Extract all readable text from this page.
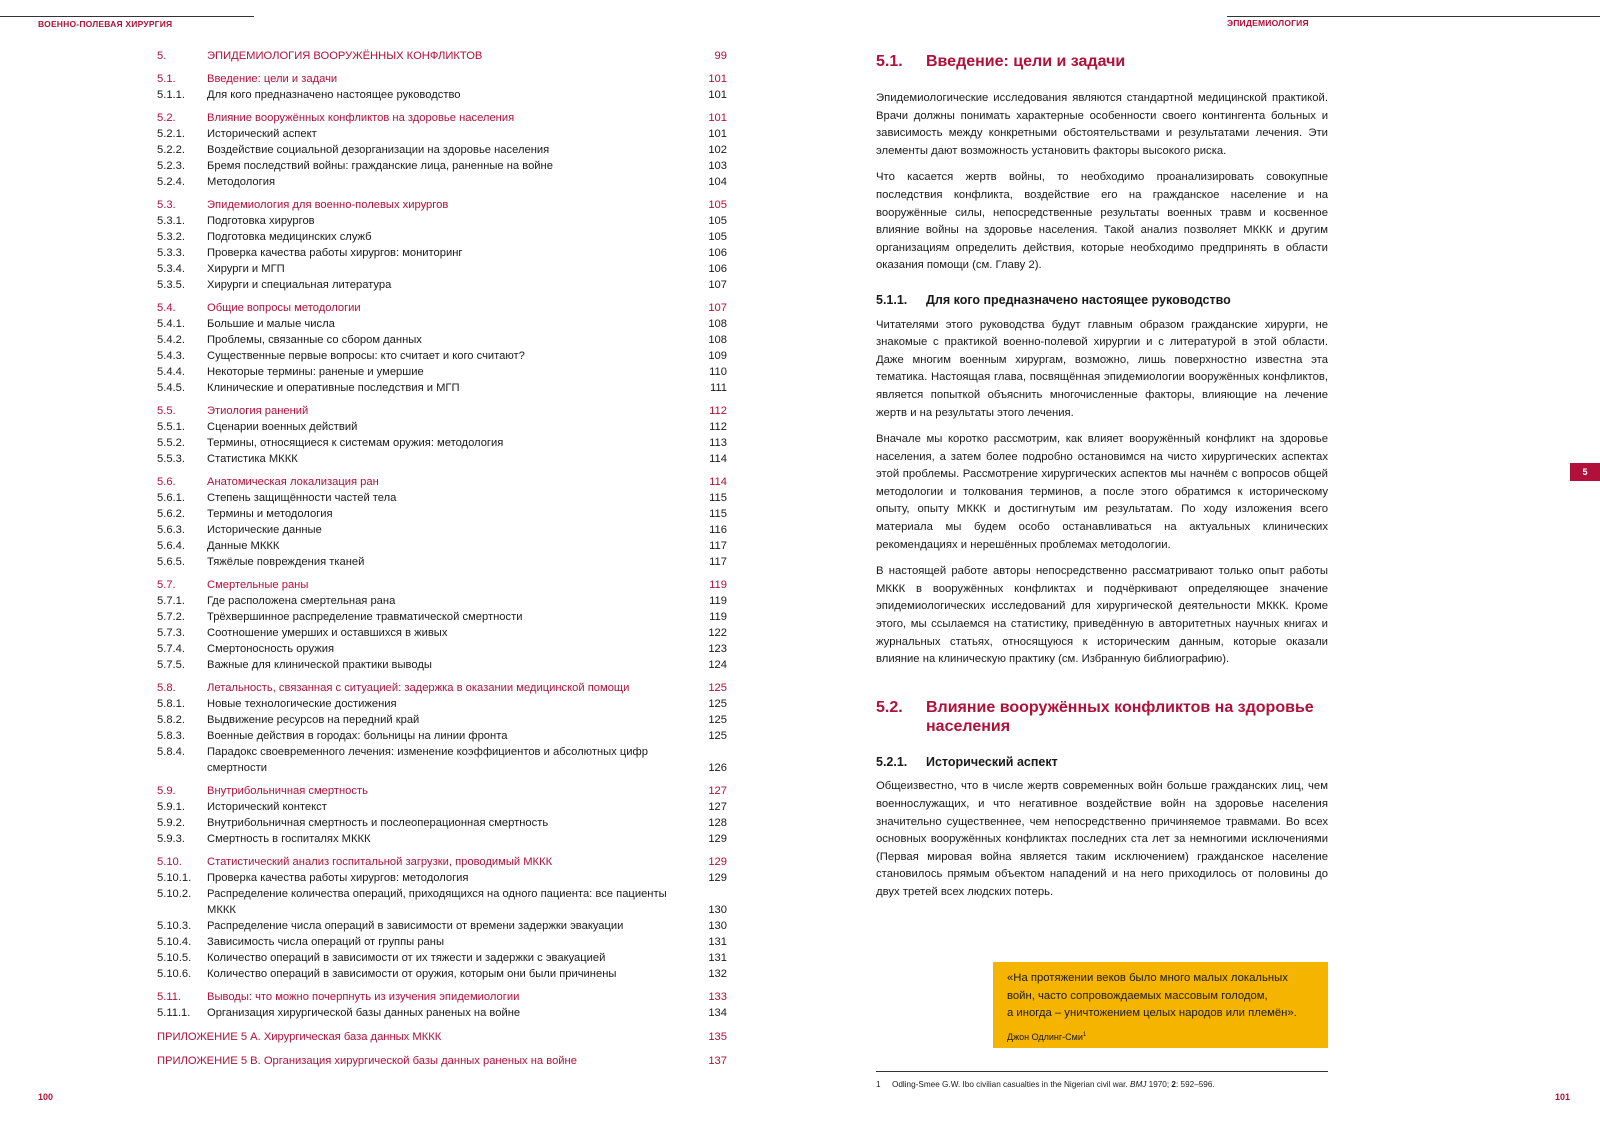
ВОЕННО-ПОЛЕВАЯ ХИРУРГИЯ
5.	ЭПИДЕМИОЛОГИЯ ВООРУЖЁННЫХ КОНФЛИКТОВ	99
5.1.	Введение: цели и задачи	101
5.1.1.	Для кого предназначено настоящее руководство	101
5.2.	Влияние вооружённых конфликтов на здоровье населения	101
5.2.1.	Исторический аспект	101
5.2.2.	Воздействие социальной дезорганизации на здоровье населения	102
5.2.3.	Бремя последствий войны: гражданские лица, раненные на войне	103
5.2.4.	Методология	104
5.3.	Эпидемиология для военно-полевых хирургов	105
5.3.1.	Подготовка хирургов	105
5.3.2.	Подготовка медицинских служб	105
5.3.3.	Проверка качества работы хирургов: мониторинг	106
5.3.4.	Хирурги и МГП	106
5.3.5.	Хирурги и специальная литература	107
5.4.	Общие вопросы методологии	107
5.4.1.	Большие и малые числа	108
5.4.2.	Проблемы, связанные со сбором данных	108
5.4.3.	Существенные первые вопросы: кто считает и кого считают?	109
5.4.4.	Некоторые термины: раненые и умершие	110
5.4.5.	Клинические и оперативные последствия и МГП	111
5.5.	Этиология ранений	112
5.5.1.	Сценарии военных действий	112
5.5.2.	Термины, относящиеся к системам оружия: методология	113
5.5.3.	Статистика МККК	114
5.6.	Анатомическая локализация ран	114
5.6.1.	Степень защищённости частей тела	115
5.6.2.	Термины и методология	115
5.6.3.	Исторические данные	116
5.6.4.	Данные МККК	117
5.6.5.	Тяжёлые повреждения тканей	117
5.7.	Смертельные раны	119
5.7.1.	Где расположена смертельная рана	119
5.7.2.	Трёхвершинное распределение травматической смертности	119
5.7.3.	Соотношение умерших и оставшихся в живых	122
5.7.4.	Смертоносность оружия	123
5.7.5.	Важные для клинической практики выводы	124
5.8.	Летальность, связанная с ситуацией: задержка в оказании медицинской помощи	125
5.8.1.	Новые технологические достижения	125
5.8.2.	Выдвижение ресурсов на передний край	125
5.8.3.	Военные действия в городах: больницы на линии фронта	125
5.8.4.	Парадокс своевременного лечения: изменение коэффициентов и абсолютных цифр смертности	126
5.9.	Внутрибольничная смертность	127
5.9.1.	Исторический контекст	127
5.9.2.	Внутрибольничная смертность и послеоперационная смертность	128
5.9.3.	Смертность в госпиталях МККК	129
5.10.	Статистический анализ госпитальной загрузки, проводимый МККК	129
5.10.1.	Проверка качества работы хирургов: методология	129
5.10.2.	Распределение количества операций, приходящихся на одного пациента: все пациенты МККК	130
5.10.3.	Распределение числа операций в зависимости от времени задержки эвакуации	130
5.10.4.	Зависимость числа операций от группы раны	131
5.10.5.	Количество операций в зависимости от их тяжести и задержки с эвакуацией	131
5.10.6.	Количество операций в зависимости от оружия, которым они были причинены	132
5.11.	Выводы: что можно почерпнуть из изучения эпидемиологии	133
5.11.1.	Организация хирургической базы данных раненых на войне	134
ПРИЛОЖЕНИЕ 5 A. Хирургическая база данных МККК	135
ПРИЛОЖЕНИЕ 5 B. Организация хирургической базы данных раненых на войне	137
100
ЭПИДЕМИОЛОГИЯ
101
5
5.1. Введение: цели и задачи

Эпидемиологические исследования являются стандартной медицинской практикой. Врачи должны понимать характерные особенности своего контингента больных и зависимость между конкретными обстоятельствами и результатами лечения. Эти элементы дают возможность установить факторы высокого риска.

Что касается жертв войны, то необходимо проанализировать совокупные последствия конфликта, воздействие его на гражданское население и на вооружённые силы, непосредственные результаты военных травм и косвенное влияние войны на здоровье населения. Такой анализ позволяет МККК и другим организациям определить действия, которые необходимо предпринять в области оказания помощи (см. Главу 2).

5.1.1. Для кого предназначено настоящее руководство

Читателями этого руководства будут главным образом гражданские хирурги, не знакомые с практикой военно-полевой хирургии и с литературой в этой области. Даже многим военным хирургам, возможно, лишь поверхностно известна эта тематика. Настоящая глава, посвящённая эпидемиологии вооружённых конфликтов, является попыткой объяснить многочисленные факторы, влияющие на лечение жертв и на результаты этого лечения.

Вначале мы коротко рассмотрим, как влияет вооружённый конфликт на здоровье населения, а затем более подробно остановимся на чисто хирургических аспектах этой проблемы. Рассмотрение хирургических аспектов мы начнём с вопросов общей методологии и толкования терминов, а после этого обратимся к историческому опыту, опыту МККК и достигнутым им результатам. По ходу изложения всего материала мы будем особо останавливаться на актуальных клинических рекомендациях и нерешённых проблемах методологии.

В настоящей работе авторы непосредственно рассматривают только опыт работы МККК в вооружённых конфликтах и подчёркивают определяющее значение эпидемиологических исследований для хирургической деятельности МККК. Кроме этого, мы ссылаемся на статистику, приведённую в авторитетных научных книгах и журнальных статьях, относящуюся к историческим данным, которые оказали влияние на клиническую практику (см. Избранную библиографию).

5.2. Влияние вооружённых конфликтов на здоровье населения
5.2.1. Исторический аспект

Общеизвестно, что в числе жертв современных войн больше гражданских лиц, чем военнослужащих, и что негативное воздействие войн на здоровье населения значительно существеннее, чем непосредственно причиняемое травмами. Во всех основных вооружённых конфликтах последних ста лет за немногими исключениями (Первая мировая война является таким исключением) гражданское население становилось прямым объектом нападений и на него приходилось от половины до двух третей всех людских потерь.

«На протяжении веков было много малых локальных
войн, часто сопровождаемых массовым голодом,
а иногда – уничтожением целых народов или племён».
Джон Одлинг-Сми$^1$
1 Odling-Smee G.W. Ibo civilian casualties in the Nigerian civil war. BMJ 1970; 2: 592–596.
